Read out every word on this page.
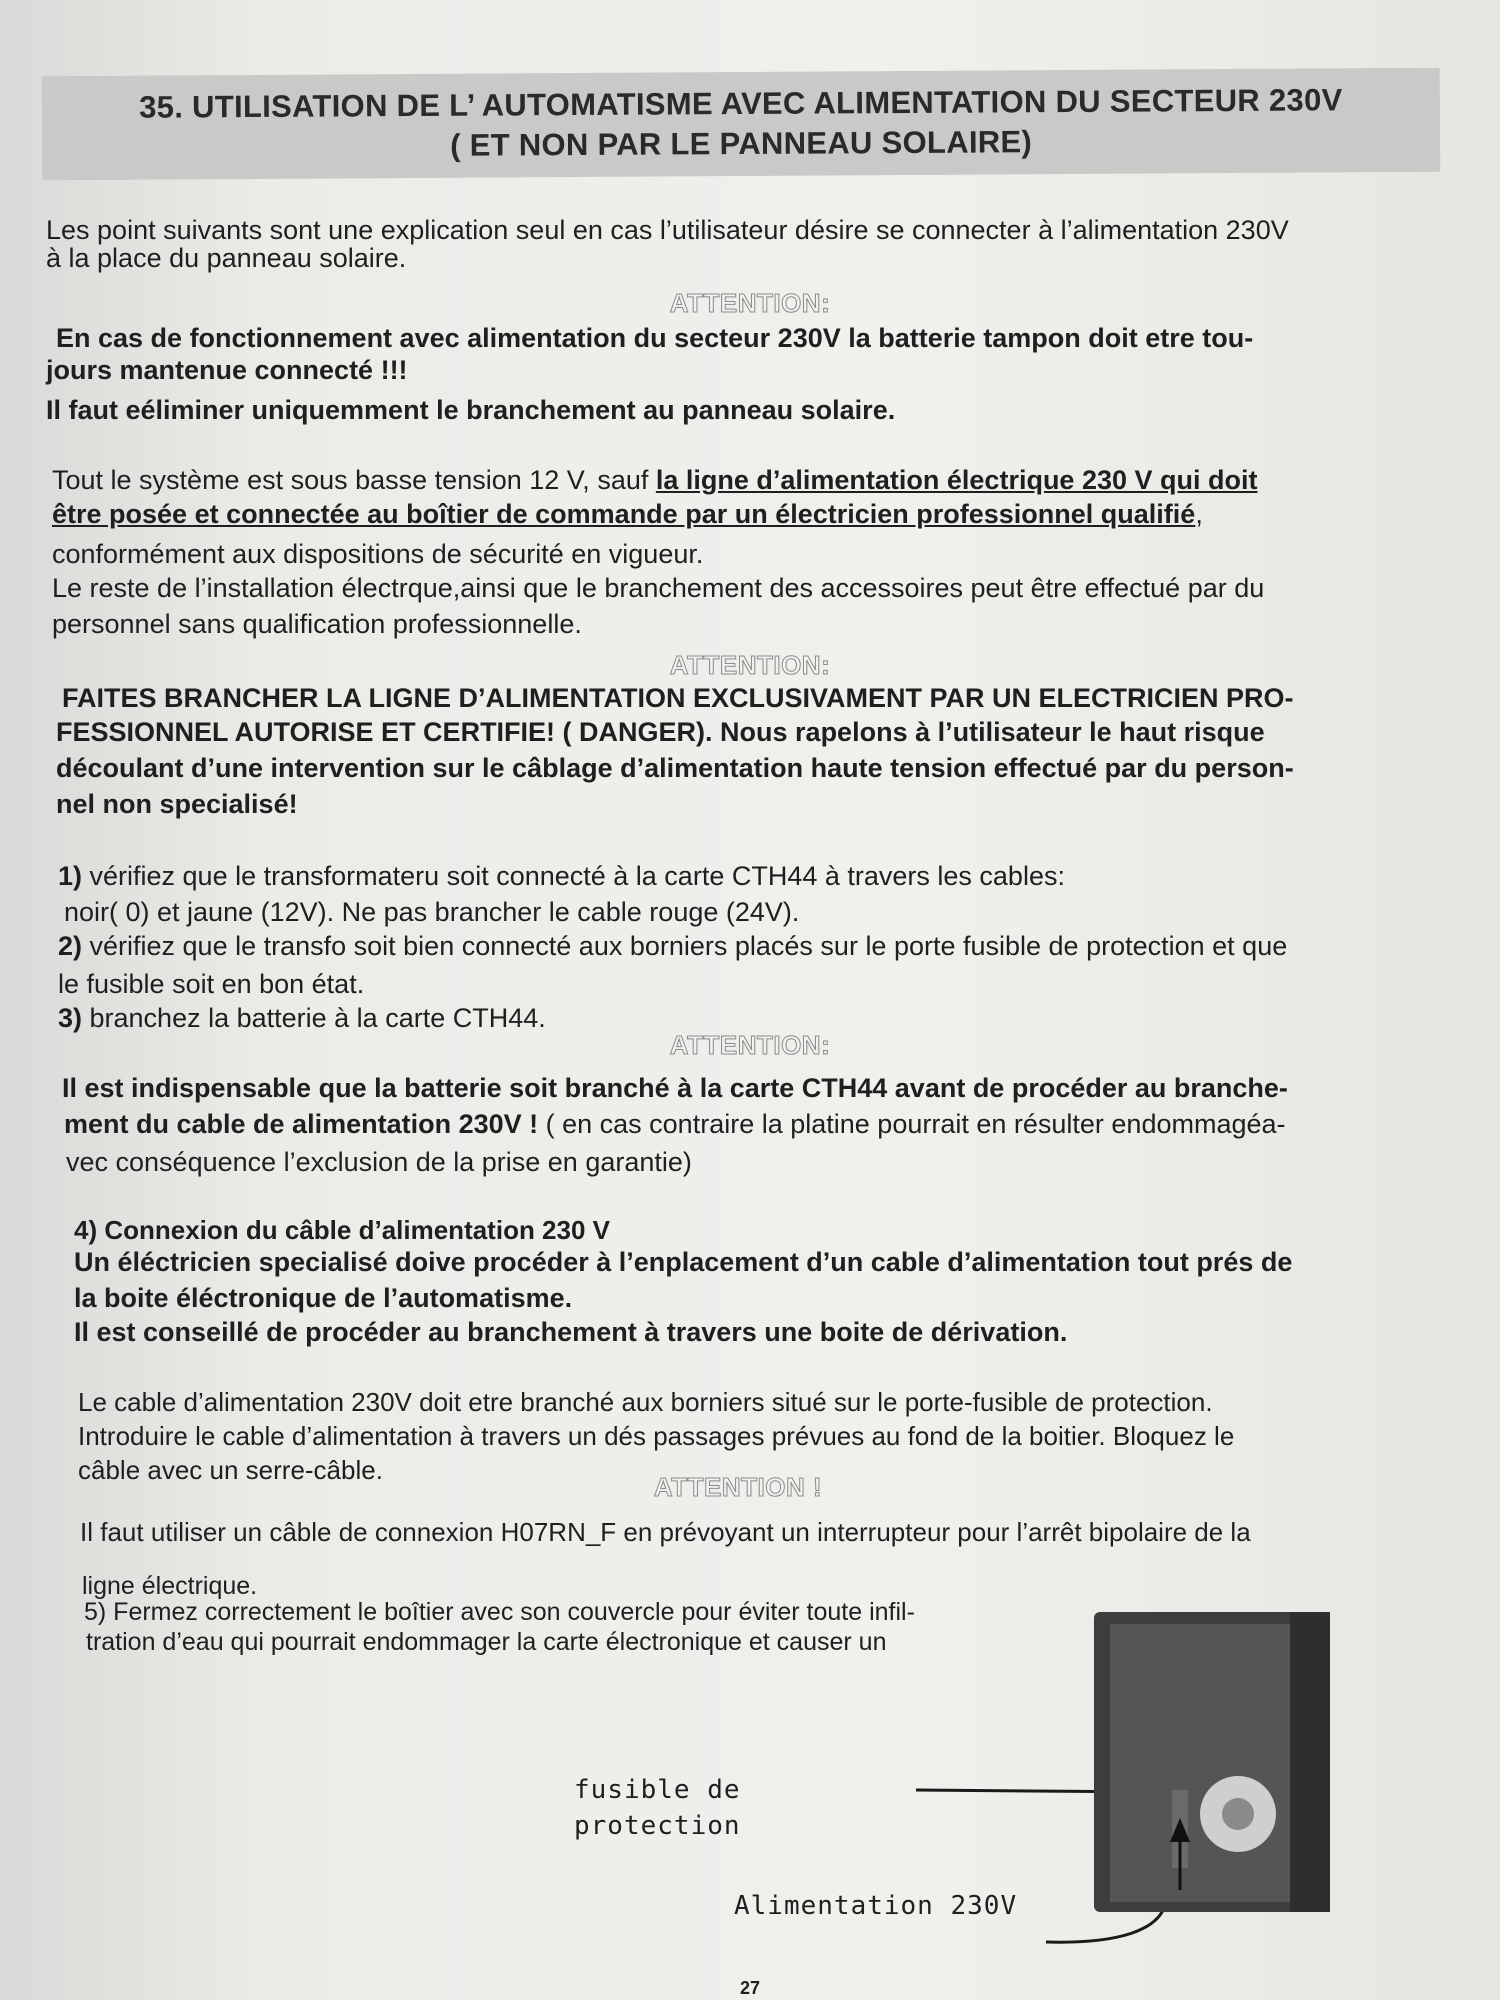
35. UTILISATION DE L’ AUTOMATISME AVEC ALIMENTATION DU SECTEUR 230V
( ET NON PAR LE PANNEAU SOLAIRE)
Les point suivants sont une explication seul en cas l’utilisateur désire se connecter à l’alimentation 230V
à la place du panneau solaire.
ATTENTION:
En cas de fonctionnement avec alimentation du secteur 230V la batterie tampon doit etre tou-
jours mantenue connecté !!!
Il faut eéliminer uniquemment le branchement au panneau solaire.
Tout le système est sous basse tension 12 V, sauf la ligne d’alimentation électrique 230 V qui doit
être posée et connectée au boîtier de commande par un électricien professionnel qualifié,
conformément aux dispositions de sécurité en vigueur.
Le reste de l’installation électrque,ainsi que le branchement des accessoires peut être effectué par du
personnel sans qualification professionnelle.
ATTENTION:
FAITES BRANCHER LA LIGNE D’ALIMENTATION EXCLUSIVAMENT PAR UN ELECTRICIEN PRO-
FESSIONNEL AUTORISE ET CERTIFIE! ( DANGER). Nous rapelons à l’utilisateur le haut risque
découlant d’une intervention sur le câblage d’alimentation haute tension effectué par du person-
nel non specialisé!
1) vérifiez que le transformateru soit connecté à la carte CTH44 à travers les cables:
noir( 0) et jaune (12V). Ne pas brancher le cable rouge (24V).
2) vérifiez que le transfo soit bien connecté aux borniers placés sur le porte fusible de protection et que
le fusible soit en bon état.
3) branchez la batterie à la carte CTH44.
ATTENTION:
Il est indispensable que la batterie soit branché à la carte CTH44 avant de procéder au branche-
ment du cable de alimentation 230V ! ( en cas contraire la platine pourrait en résulter endommagéa-
vec conséquence l’exclusion de la prise en garantie)
4) Connexion du câble d’alimentation 230 V
Un éléctricien specialisé doive procéder à l’enplacement d’un cable d’alimentation tout prés de
la boite éléctronique de l’automatisme.
Il est conseillé de procéder au branchement à travers une boite de dérivation.
Le cable d’alimentation 230V doit etre branché aux borniers situé sur le porte-fusible de protection.
Introduire le cable d’alimentation à travers un dés passages prévues au fond de la boitier. Bloquez le
câble avec un serre-câble.
ATTENTION !
Il faut utiliser un câble de connexion H07RN_F en prévoyant un interrupteur pour l’arrêt bipolaire de la
ligne électrique.
5) Fermez correctement le boîtier avec son couvercle pour éviter toute infil-
tration d’eau qui pourrait endommager la carte électronique et causer un
fusible de protection
Alimentation 230V
27
